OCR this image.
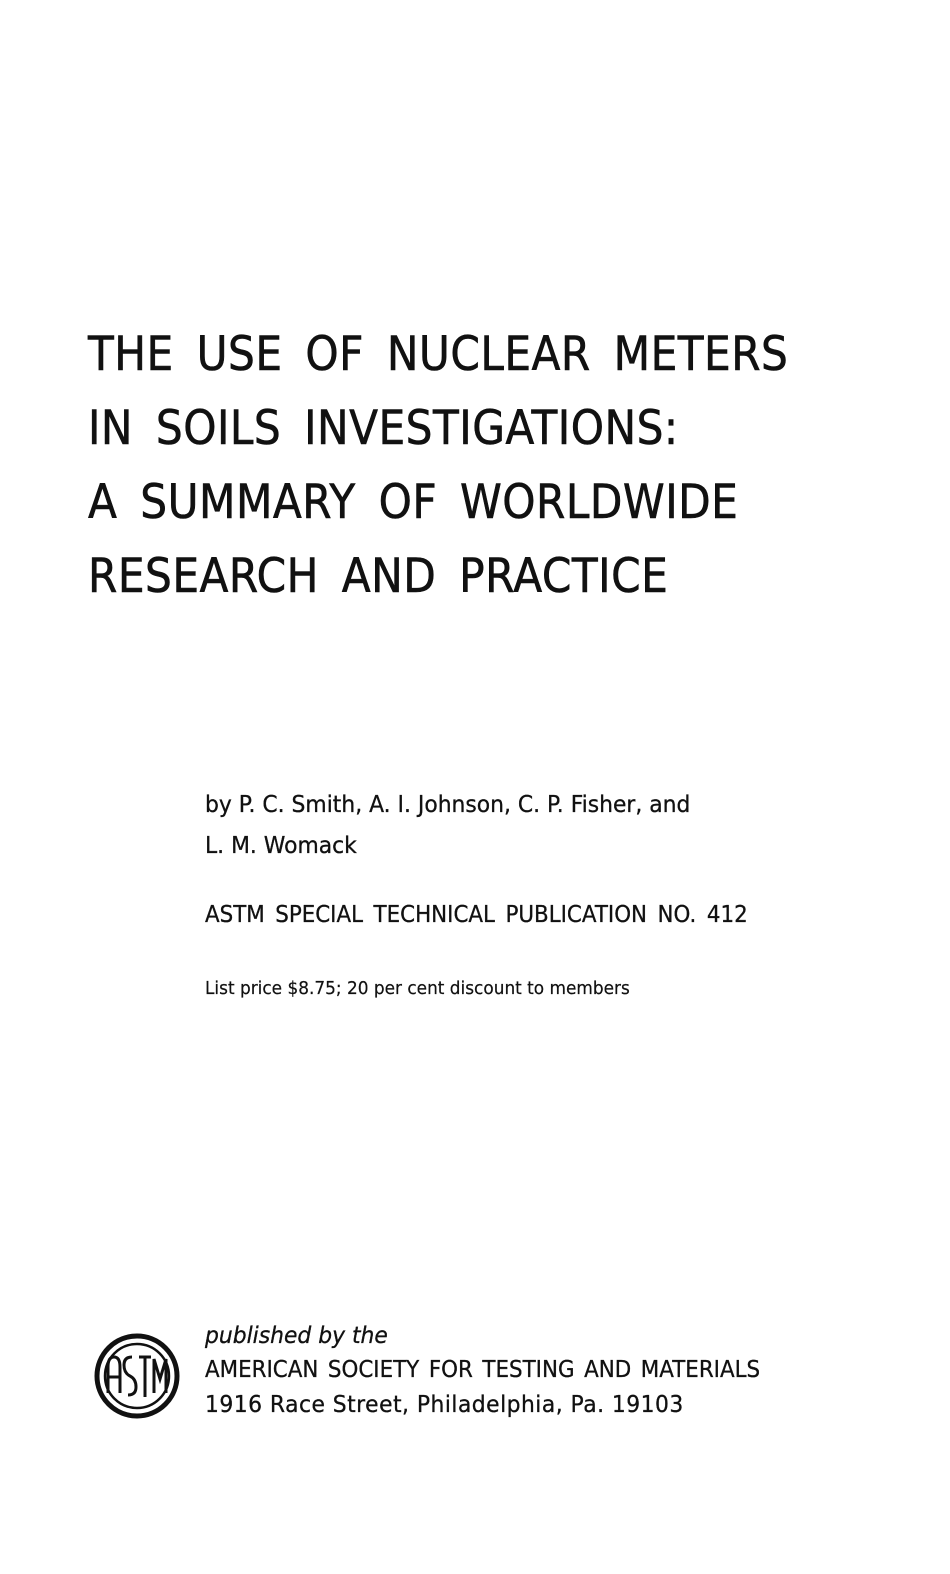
THE USE OF NUCLEAR METERS
IN SOILS INVESTIGATIONS:
A SUMMARY OF WORLDWIDE
RESEARCH AND PRACTICE
by P. C. Smith, A. I. Johnson, C. P. Fisher, and
L. M. Womack
ASTM SPECIAL TECHNICAL PUBLICATION NO. 412
List price $8.75; 20 per cent discount to members
published by the
AMERICAN SOCIETY FOR TESTING AND MATERIALS
1916 Race Street, Philadelphia, Pa. 19103
